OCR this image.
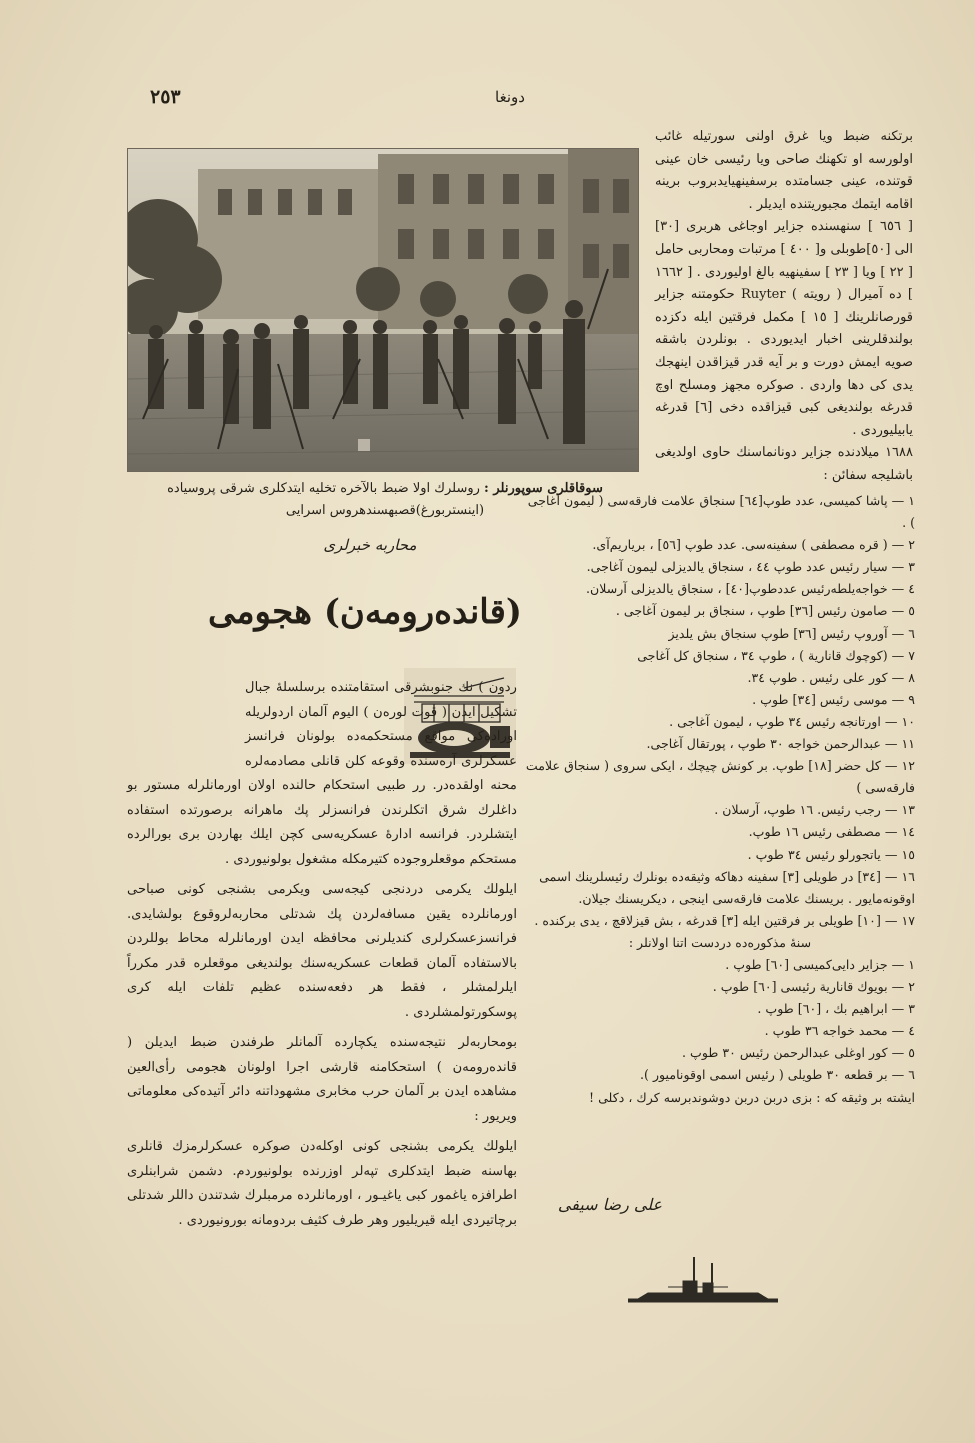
٢٥٣	دونغا

برتكنه ضبط ويا غرق اولنى سورتيله غائب اولورسه او تكهنك صاحى ويا رئيسى خان عينى قوتنده، عينى جسامتده برسفينهيايدبروب برينه اقامه ايتمك مجبوريتنده ايديلر .

[ ٦٥٦ ] سنهسنده جزاير اوجاغى هربرى [٣٠] الى [٥٠]طوبلى و[ ٤٠٠ ] مرتبات ومحاربى حامل [ ٢٢ ] ويا [ ٢٣ ] سفينهيه بالغ اوليوردى . [ ١٦٦٢ ] ده آميرال ( رويته ) Ruyter حكومتنه جزاير قورصانلرينك [ ١٥ ] مكمل فرقتين ايله دكزده بولندقلرينى اخبار ايديوردى . بونلردن باشقه صويه ايمش دورت و بر آيه قدر قيزاقدن اينهجك يدى كى دها واردى . صوكره مجهز ومسلح اوچ قدرغه بولنديغى كبى قيزاقده دخى [٦] قدرغه يابيليوردى .

١٦٨٨ ميلادنده جزاير دونانماسنك حاوى اولديغى باشليجه سفائن :

سوقاقلرى سوپورنلر : روسلرك اولا ضبط بالآخره تخليه ايتدكلرى شرقى پروسياده (اينستربورغ)قصبهسندهروس اسرايى
محاربه خبرلرى
(قانده‌رومه‌ن) هجومى

ردون ) نك جنوبشرقى استقامتنده برسلسلهٔ جبال تشكيل ايدن ( قوت لورەن ) اليوم آلمان اردولريله اورادەكى مواقع مستحكمەدە بولونان فرانسز عسكرلرى آرەسندە وقوعه كلن قانلى مصادمەلرە محنه اولقدەدر. رر طبيى استحكام حالندە اولان اورمانلرله مستور بو داغلرك شرق اتكلرندن فرانسزلر پك ماهرانه برصورتده استفاده ايتشلردر. فرانسه ادارهٔ عسكريه‌سى كچن ايلك بهاردن برى بورالردە مستحكم موقعلروجوده كتيرمكله مشغول بولونيوردى .

ايلولك يكرمى دردنجى كيجه‌سى ويكرمى بشنجى كونى صباحى اورمانلرده يقين مسافه‌لردن پك شدتلى محاربه‌لروقوع بولشايدى. فرانسزعسكرلرى كنديلرنى محافظه ايدن اورمانلرله محاط بوللردن بالاستفاده آلمان قطعات عسكريه‌سنك بولنديغى موقعلره قدر مكرراً ايلرلمشلر ، فقط هر دفعه‌سنده عظيم تلفات ايله كرى پوسكورتولمشلردى .

بومحاربه‌لر نتيجه‌سنده يكچارده آلمانلر طرفندن ضبط ايديلن ( قانده‌رومه‌ن ) استحكامنه قارشى اجرا اولونان هجومى رأى‌العين مشاهده ايدن بر آلمان حرب مخابرى مشهوداتنه دائر آتيده‌كى معلوماتى ويريور :

ايلولك يكرمى بشنجى كونى اوكله‌دن صوكره عسكرلرمزك قانلرى بهاسنه ضبط ايتدكلرى تپه‌لر اوزرنده بولونيوردم. دشمن شرابنلرى اطرافزه ياغمور كبى ياغيـور ، اورمانلرده مرمبلرك شدتندن داللر شدتلى برچاتيردى ايله قيريليور وهر طرف كثيف بردومانه بورونيوردى .

١ — پاشا كميسى، عدد طوپ[٦٤] سنجاق علامت فارقه‌سى ( ليمون آغاجى ) .
٢ — ( قره مصطفى ) سفينه‌سى. عدد طوپ [٥٦] ، برياريم‌آى.
٣ — سيار رئيس عدد طوپ ٤٤ ، سنجاق يالديزلى ليمون آغاجى.
٤ — خواجه‌يلطه‌رئيس عددطوپ[٤٠] ، سنجاق يالديزلى آرسلان.
٥ — صامون رئيس [٣٦] طوپ ، سنجاق بر ليمون آغاجى .
٦ — آوروپ رئيس [٣٦] طوپ سنجاق بش يلديز
٧ — (كوچوك قانارية ) ، طوپ ٣٤ ، سنجاق كل آغاجى
٨ — كور على رئيس . طوپ ٣٤.
٩ — موسى رئيس [٣٤] طوپ .
١٠ — اورتانجه رئيس ٣٤ طوپ ، ليمون آغاجى .
١١ — عبدالرحمن خواجه ٣٠ طوپ ، پورتقال آغاجى.
١٢ — كل حضر [١٨] طوپ. بر كونش چيچك ، ايكى سروى ( سنجاق علامت فارقه‌سى )
١٣ — رجب رئيس. ١٦ طوپ، آرسلان .
١٤ — مصطفى رئيس ١٦ طوپ.
١٥ — ياتجورلو رئيس ٣٤ طوپ .
١٦ — [٣٤] در طويلى [٣] سفينه دهاكه وثيقه‌ده بونلرك رئيسلرينك اسمى اوقونه‌مايور . بريسنك علامت فارقه‌سى اينجى ، ديكريسنك جيلان.
١٧ — [١٠] طويلى بر فرقتين ايله [٣] قدرغه ، بش قيزلاقچ ، يدى بركنده .
سنهٔ مذكورەدە دردست اتنا اولانلر :
١ — جزاير دايى‌كميسى [٦٠] طوپ .
٢ — بويوك قانارية رئيسى [٦٠] طوپ .
٣ — ابراهيم بك ، [٦٠] طوپ .
٤ — محمد خواجه ٣٦ طوپ .
٥ — كور اوغلى عبدالرحمن رئيس ٣٠ طوپ .
٦ — بر قطعه ٣٠ طويلى ( رئيس اسمى اوقوناميور ).
ايشته بر وثيقه كه : بزى دربن دربن دوشوندبرسه كرك ، دكلى !
على رضا سيفى
